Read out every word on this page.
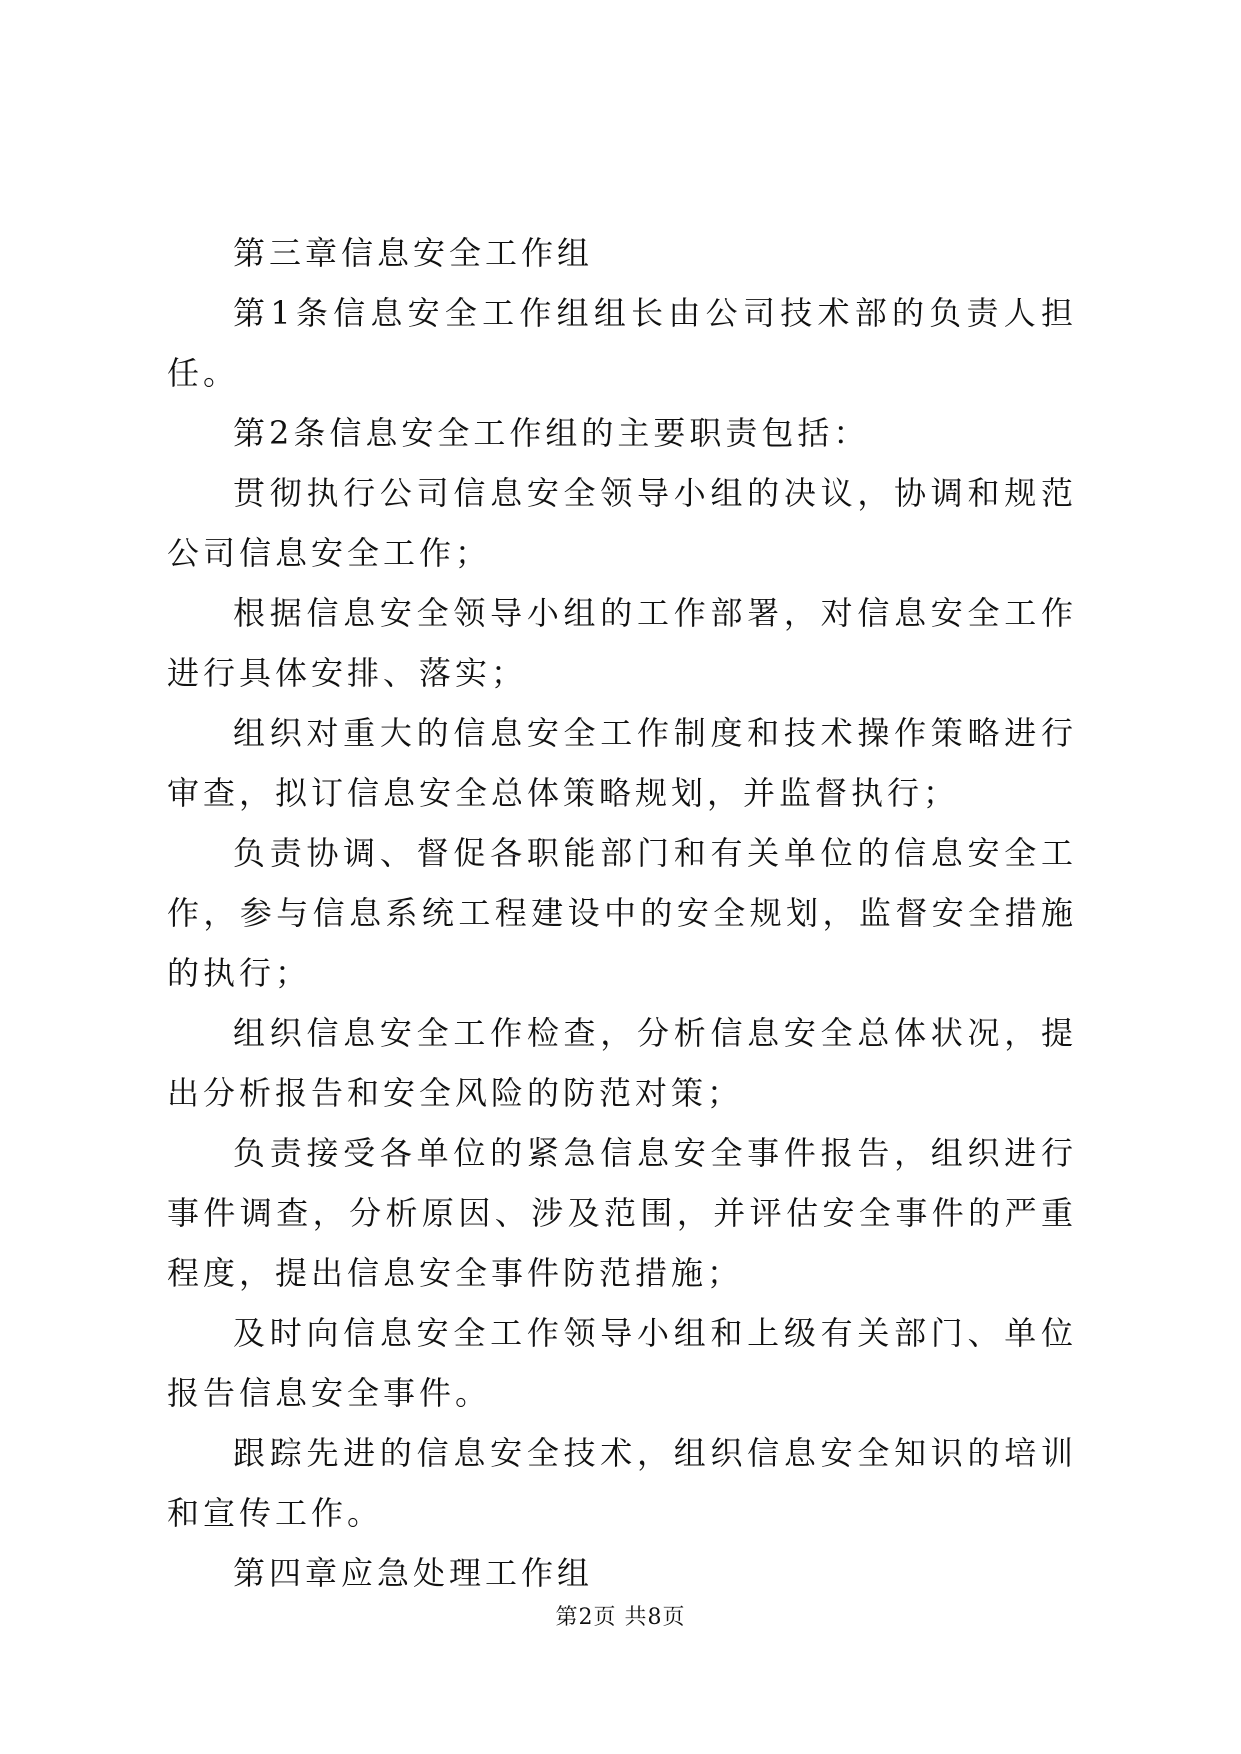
第三章信息安全工作组

第1条信息安全工作组组长由公司技术部的负责人担任。

第2条信息安全工作组的主要职责包括：

贯彻执行公司信息安全领导小组的决议，协调和规范公司信息安全工作；

根据信息安全领导小组的工作部署，对信息安全工作进行具体安排、落实；

组织对重大的信息安全工作制度和技术操作策略进行审查，拟订信息安全总体策略规划，并监督执行；

负责协调、督促各职能部门和有关单位的信息安全工作，参与信息系统工程建设中的安全规划，监督安全措施的执行；

组织信息安全工作检查，分析信息安全总体状况，提出分析报告和安全风险的防范对策；

负责接受各单位的紧急信息安全事件报告，组织进行事件调查，分析原因、涉及范围，并评估安全事件的严重程度，提出信息安全事件防范措施；

及时向信息安全工作领导小组和上级有关部门、单位报告信息安全事件。

跟踪先进的信息安全技术，组织信息安全知识的培训和宣传工作。

第四章应急处理工作组

第2页 共8页
